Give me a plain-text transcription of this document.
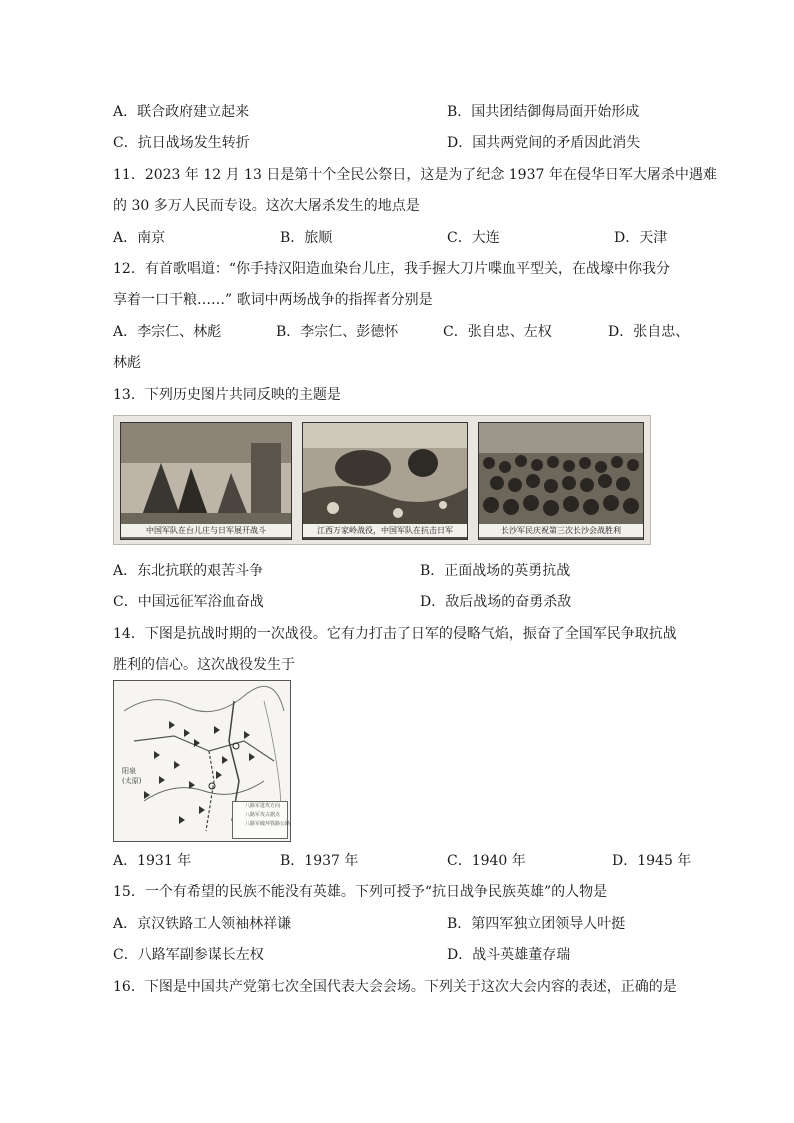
A．联合政府建立起来	B．国共团结御侮局面开始形成
C．抗日战场发生转折	D．国共两党间的矛盾因此消失
11．2023 年 12 月 13 日是第十个全民公祭日，这是为了纪念 1937 年在侵华日军大屠杀中遇难
的 30 多万人民而专设。这次大屠杀发生的地点是
A．南京	B．旅顺	C．大连	D．天津
12．有首歌唱道：“你手持汉阳造血染台儿庄，我手握大刀片喋血平型关，在战壕中你我分
享着一口干粮……” 歌词中两场战争的指挥者分别是
A．李宗仁、林彪	B．李宗仁、彭德怀	C．张自忠、左权	D．张自忠、
林彪
13．下列历史图片共同反映的主题是
中国军队在台儿庄与日军展开战斗	江西万家岭战役，中国军队在抗击日军	长沙军民庆祝第三次长沙会战胜利
A．东北抗联的艰苦斗争	B．正面战场的英勇抗战
C．中国远征军浴血奋战	D．敌后战场的奋勇杀敌
14．下图是抗战时期的一次战役。它有力打击了日军的侵略气焰，振奋了全国军民争取抗战
胜利的信心。这次战役发生于
阳泉
(太原)
八路军进攻方向
八路军攻占据点
八路军破坏铁路公路
A．1931 年	B．1937 年	C．1940 年	D．1945 年
15．一个有希望的民族不能没有英雄。下列可授予“抗日战争民族英雄”的人物是
A．京汉铁路工人领袖林祥谦	B．第四军独立团领导人叶挺
C．八路军副参谋长左权	D．战斗英雄董存瑞
16．下图是中国共产党第七次全国代表大会会场。下列关于这次大会内容的表述，正确的是
